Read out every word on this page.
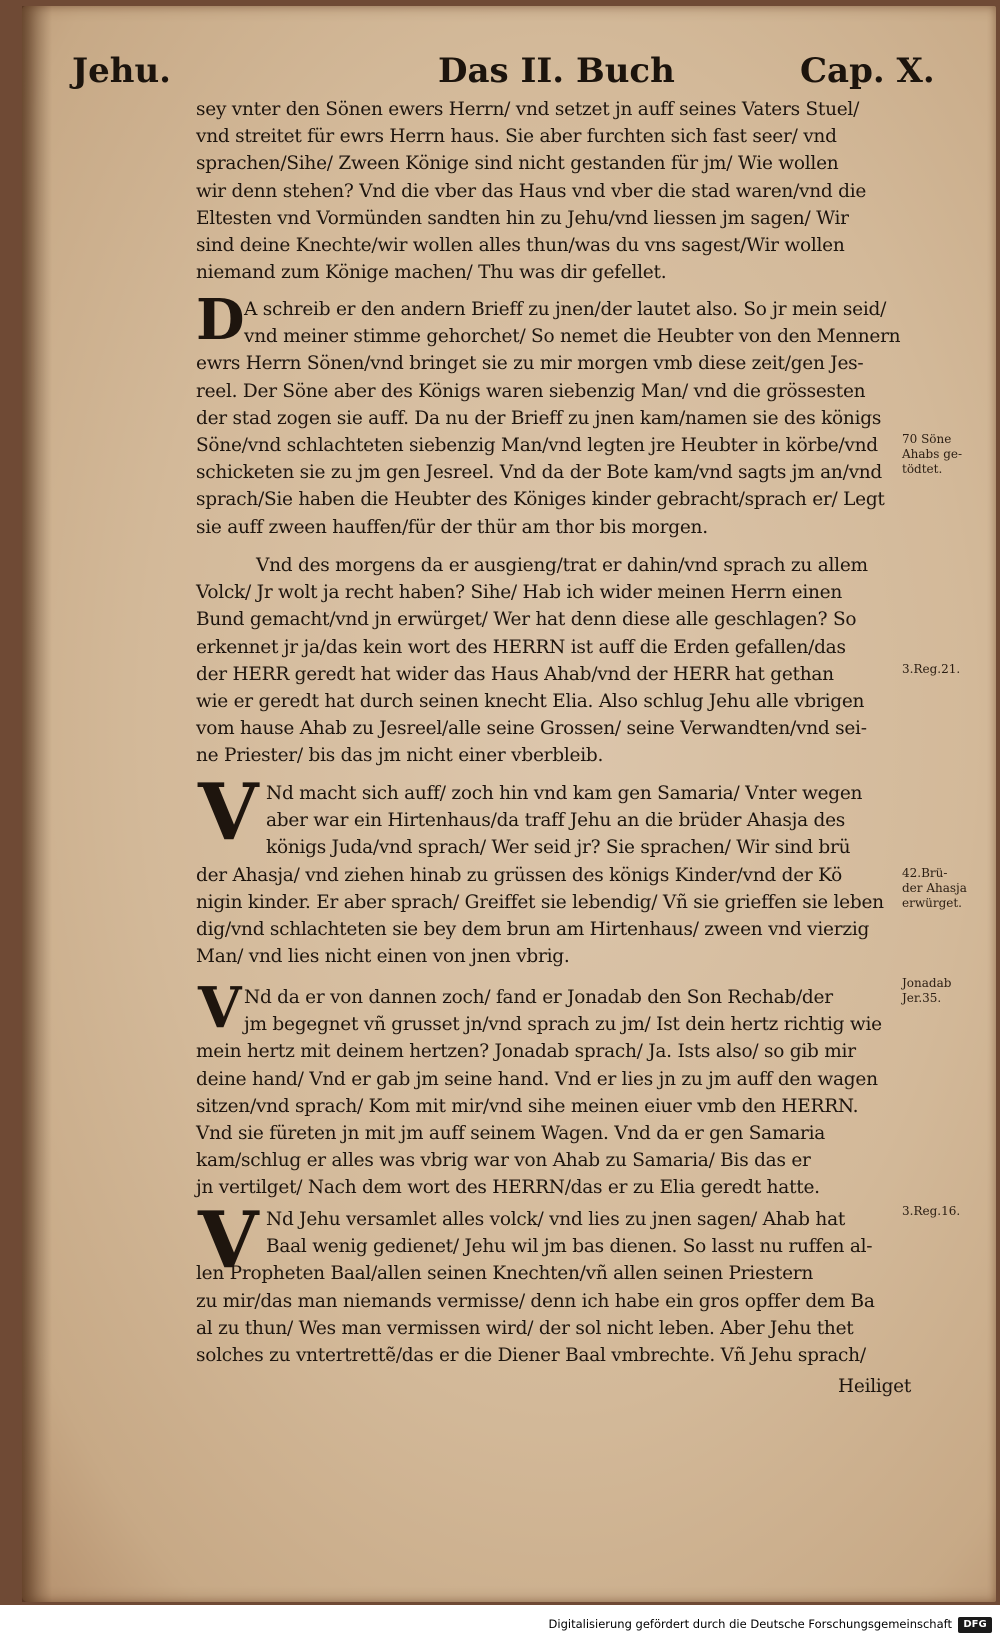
Jehu.	Das II. Buch	Cap. X.
sey vnter den Sönen ewers Herrn/ vnd setzet jn auff seines Vaters Stuel/
vnd streitet für ewrs Herrn haus. Sie aber furchten sich fast seer/ vnd
sprachen/Sihe/ Zween Könige sind nicht gestanden für jm/ Wie wollen
wir denn stehen? Vnd die vber das Haus vnd vber die stad waren/vnd die
Eltesten vnd Vormünden sandten hin zu Jehu/vnd liessen jm sagen/ Wir
sind deine Knechte/wir wollen alles thun/was du vns sagest/Wir wollen
niemand zum Könige machen/ Thu was dir gefellet.
D A schreib er den andern Brieff zu jnen/der lautet also. So jr mein seid/
vnd meiner stimme gehorchet/ So nemet die Heubter von den Mennern
ewrs Herrn Sönen/vnd bringet sie zu mir morgen vmb diese zeit/gen Jes-
reel. Der Söne aber des Königs waren siebenzig Man/ vnd die grössesten
der stad zogen sie auff. Da nu der Brieff zu jnen kam/namen sie des königs
Söne/vnd schlachteten siebenzig Man/vnd legten jre Heubter in körbe/vnd
schicketen sie zu jm gen Jesreel. Vnd da der Bote kam/vnd sagts jm an/vnd
sprach/Sie haben die Heubter des Königes kinder gebracht/sprach er/ Legt
sie auff zween hauffen/für der thür am thor bis morgen.
Vnd des morgens da er ausgieng/trat er dahin/vnd sprach zu allem
Volck/ Jr wolt ja recht haben? Sihe/ Hab ich wider meinen Herrn einen
Bund gemacht/vnd jn erwürget/ Wer hat denn diese alle geschlagen? So
erkennet jr ja/das kein wort des HERRN ist auff die Erden gefallen/das
der HERR geredt hat wider das Haus Ahab/vnd der HERR hat gethan
wie er geredt hat durch seinen knecht Elia. Also schlug Jehu alle vbrigen
vom hause Ahab zu Jesreel/alle seine Grossen/ seine Verwandten/vnd sei-
ne Priester/ bis das jm nicht einer vberbleib.
V Nd macht sich auff/ zoch hin vnd kam gen Samaria/ Vnter wegen
aber war ein Hirtenhaus/da traff Jehu an die brüder Ahasja des
königs Juda/vnd sprach/ Wer seid jr? Sie sprachen/ Wir sind brü
der Ahasja/ vnd ziehen hinab zu grüssen des königs Kinder/vnd der Kö
nigin kinder. Er aber sprach/ Greiffet sie lebendig/ Vñ sie grieffen sie leben
dig/vnd schlachteten sie bey dem brun am Hirtenhaus/ zween vnd vierzig
Man/ vnd lies nicht einen von jnen vbrig.
V Nd da er von dannen zoch/ fand er Jonadab den Son Rechab/der
jm begegnet vñ grusset jn/vnd sprach zu jm/ Ist dein hertz richtig wie
mein hertz mit deinem hertzen? Jonadab sprach/ Ja. Ists also/ so gib mir
deine hand/ Vnd er gab jm seine hand. Vnd er lies jn zu jm auff den wagen
sitzen/vnd sprach/ Kom mit mir/vnd sihe meinen eiuer vmb den HERRN.
Vnd sie füreten jn mit jm auff seinem Wagen. Vnd da er gen Samaria
kam/schlug er alles was vbrig war von Ahab zu Samaria/ Bis das er
jn vertilget/ Nach dem wort des HERRN/das er zu Elia geredt hatte.
V Nd Jehu versamlet alles volck/ vnd lies zu jnen sagen/ Ahab hat
Baal wenig gedienet/ Jehu wil jm bas dienen. So lasst nu ruffen al-
len Propheten Baal/allen seinen Knechten/vñ allen seinen Priestern
zu mir/das man niemands vermisse/ denn ich habe ein gros opffer dem Ba
al zu thun/ Wes man vermissen wird/ der sol nicht leben. Aber Jehu thet
solches zu vntertrettẽ/das er die Diener Baal vmbrechte. Vñ Jehu sprach/
Heiliget
70 Söne
Ahabs ge-
tödtet.
3.Reg.21.
42.Brü-
der Ahasja
erwürget.
Jonadab
Jer.35.
3.Reg.16.
Digitalisierung gefördert durch die Deutsche Forschungsgemeinschaft	DFG
